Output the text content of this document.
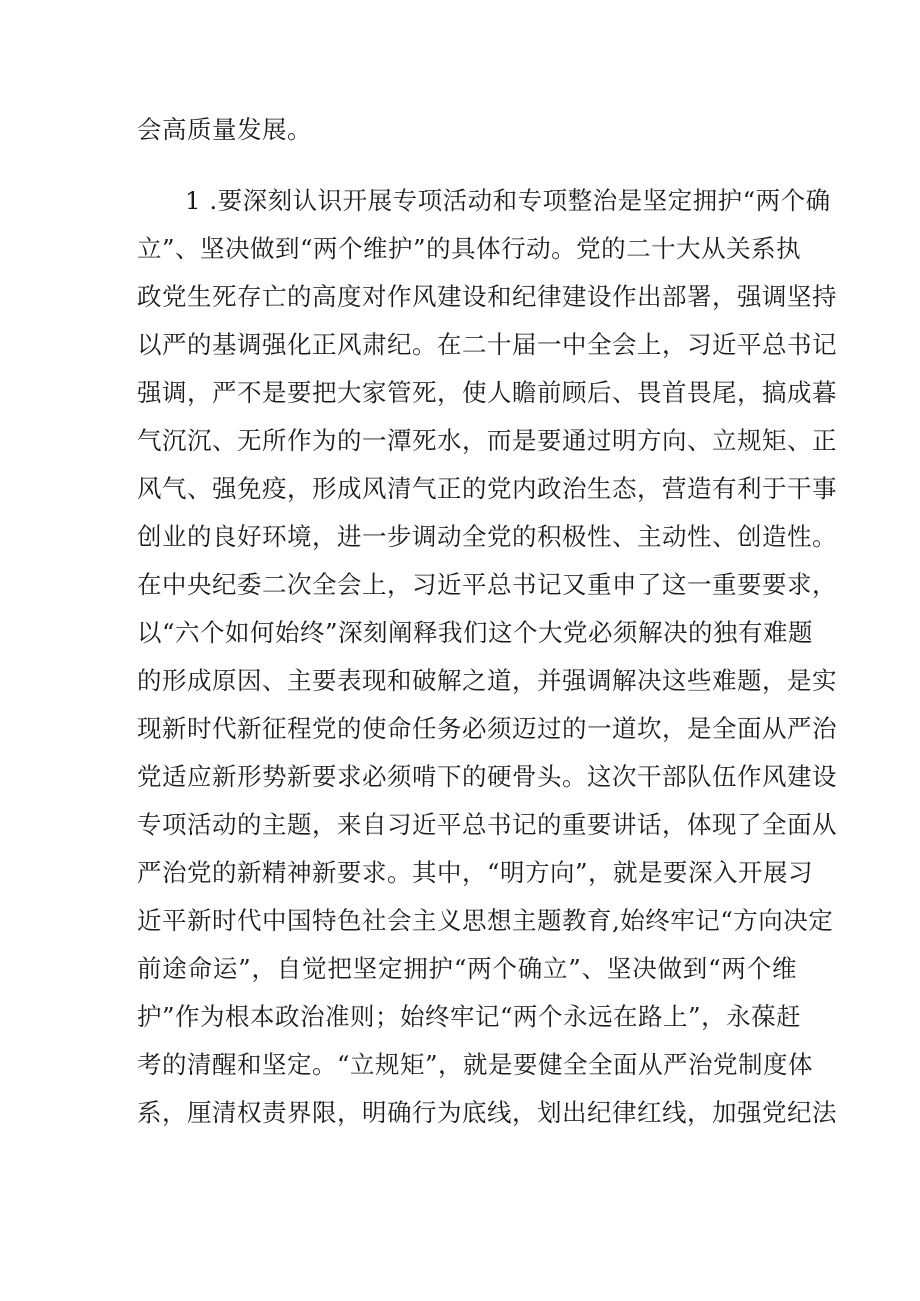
会高质量发展。
1 .要深刻认识开展专项活动和专项整治是坚定拥护“两个确
立”、坚决做到“两个维护”的具体行动。党的二十大从关系执
政党生死存亡的高度对作风建设和纪律建设作出部署，强调坚持
以严的基调强化正风肃纪。在二十届一中全会上，习近平总书记
强调，严不是要把大家管死，使人瞻前顾后、畏首畏尾，搞成暮
气沉沉、无所作为的一潭死水，而是要通过明方向、立规矩、正
风气、强免疫，形成风清气正的党内政治生态，营造有利于干事
创业的良好环境，进一步调动全党的积极性、主动性、创造性。
在中央纪委二次全会上，习近平总书记又重申了这一重要要求，
以“六个如何始终”深刻阐释我们这个大党必须解决的独有难题
的形成原因、主要表现和破解之道，并强调解决这些难题，是实
现新时代新征程党的使命任务必须迈过的一道坎，是全面从严治
党适应新形势新要求必须啃下的硬骨头。这次干部队伍作风建设
专项活动的主题，来自习近平总书记的重要讲话，体现了全面从
严治党的新精神新要求。其中，“明方向”，就是要深入开展习
近平新时代中国特色社会主义思想主题教育,始终牢记“方向决定
前途命运”，自觉把坚定拥护“两个确立”、坚决做到“两个维
护”作为根本政治准则；始终牢记“两个永远在路上”，永葆赶
考的清醒和坚定。“立规矩”，就是要健全全面从严治党制度体
系，厘清权责界限，明确行为底线，划出纪律红线，加强党纪法
